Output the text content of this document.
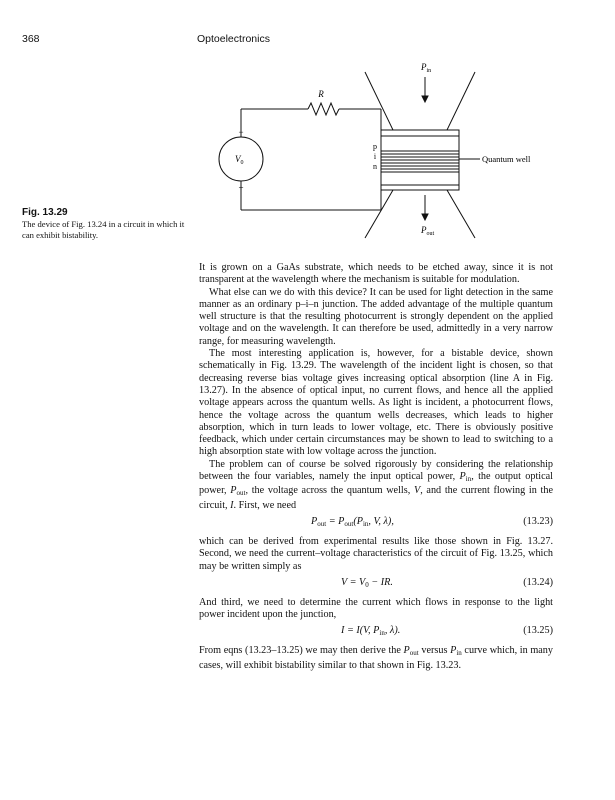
368	Optoelectronics
R
−
+
$V_0$
p
i
n
Quantum well
$P_{in}$
$P_{out}$
Fig. 13.29
The device of Fig. 13.24 in a circuit in which it can exhibit bistability.

It is grown on a GaAs substrate, which needs to be etched away, since it is not transparent at the wavelength where the mechanism is suitable for modulation.

What else can we do with this device? It can be used for light detection in the same manner as an ordinary p–i–n junction. The added advantage of the multiple quantum well structure is that the resulting photocurrent is strongly dependent on the applied voltage and on the wavelength. It can therefore be used, admittedly in a very narrow range, for measuring wavelength.

The most interesting application is, however, for a bistable device, shown schematically in Fig. 13.29. The wavelength of the incident light is chosen, so that decreasing reverse bias voltage gives increasing optical absorption (line A in Fig. 13.27). In the absence of optical input, no current flows, and hence all the applied voltage appears across the quantum wells. As light is incident, a photocurrent flows, hence the voltage across the quantum wells decreases, which leads to higher absorption, which in turn leads to lower voltage, etc. There is obviously positive feedback, which under certain circumstances may be shown to lead to switching to a high absorption state with low voltage across the junction.

The problem can of course be solved rigorously by considering the relationship between the four variables, namely the input optical power, Pin, the output optical power, Pout, the voltage across the quantum wells, V, and the current flowing in the circuit, I. First, we need

$P_{out} = P_{out}(P_{in}$, V, λ),	(13.23)

which can be derived from experimental results like those shown in Fig. 13.27. Second, we need the current–voltage characteristics of the circuit of Fig. 13.25, which may be written simply as

$V = V_0$ − IR.	(13.24)

And third, we need to determine the current which flows in response to the light power incident upon the junction,

I = I(V, $P_{in}$, λ).	(13.25)

From eqns (13.23–13.25) we may then derive the Pout versus Pin curve which, in many cases, will exhibit bistability similar to that shown in Fig. 13.23.
